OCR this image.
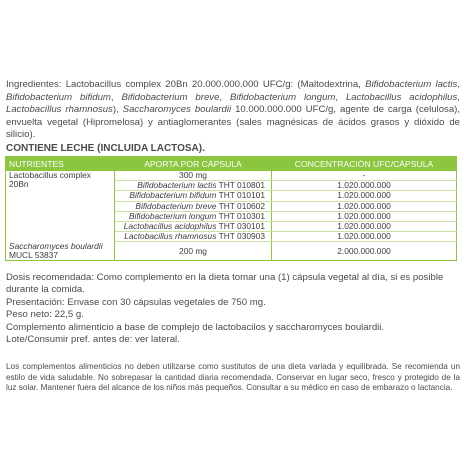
Ingredientes: Lactobacillus complex 20Bn 20.000.000.000 UFC/g: (Maltodextrina, Bifidobacterium lactis, Bifidobacterium bifidum, Bifidobacterium breve, Bifidobacterium longum, Lactobacillus acidophilus, Lactobacillus rhamnosus), Saccharomyces boulardii 10.000.000.000 UFC/g, agente de carga (celulosa), envuelta vegetal (Hipromelosa) y antiaglomerantes (sales magnésicas de ácidos grasos y dióxido de silicio).
CONTIENE LECHE (INCLUIDA LACTOSA).
NUTRIENTES	APORTA POR CÁPSULA	CONCENTRACIÓN UFC/CÁPSULA
Lactobacillus complex 20Bn	300 mg	-
	Bifidobacterium lactis THT 010801	1.020.000.000
	Bifidobacterium bifidum THT 010101	1.020.000.000
	Bifidobacterium breve THT 010602	1.020.000.000
	Bifidobacterium longum THT 010301	1.020.000.000
	Lactobacillus acidophilus THT 030101	1.020.000.000
	Lactobacillus rhamnosus THT 030903	1.020.000.000
Saccharomyces boulardii MUCL 53837	200 mg	2.000.000.000

Dosis recomendada: Como complemento en la dieta tomar una (1) cápsula vegetal al día, si es posible durante la comida.

Presentación: Envase con 30 cápsulas vegetales de 750 mg.

Peso neto: 22,5 g.

Complemento alimenticio a base de complejo de lactobacilos y saccharomyces boulardii.

Lote/Consumir pref. antes de: ver lateral.

Los complementos alimenticios no deben utilizarse como sustitutos de una dieta variada y equilibrada. Se recomienda un estilo de vida saludable. No sobrepasar la cantidad diaria recomendada. Conservar en lugar seco, fresco y protegido de la luz solar. Mantener fuera del alcance de los niños más pequeños. Consultar a su médico en caso de embarazo o lactancia.
